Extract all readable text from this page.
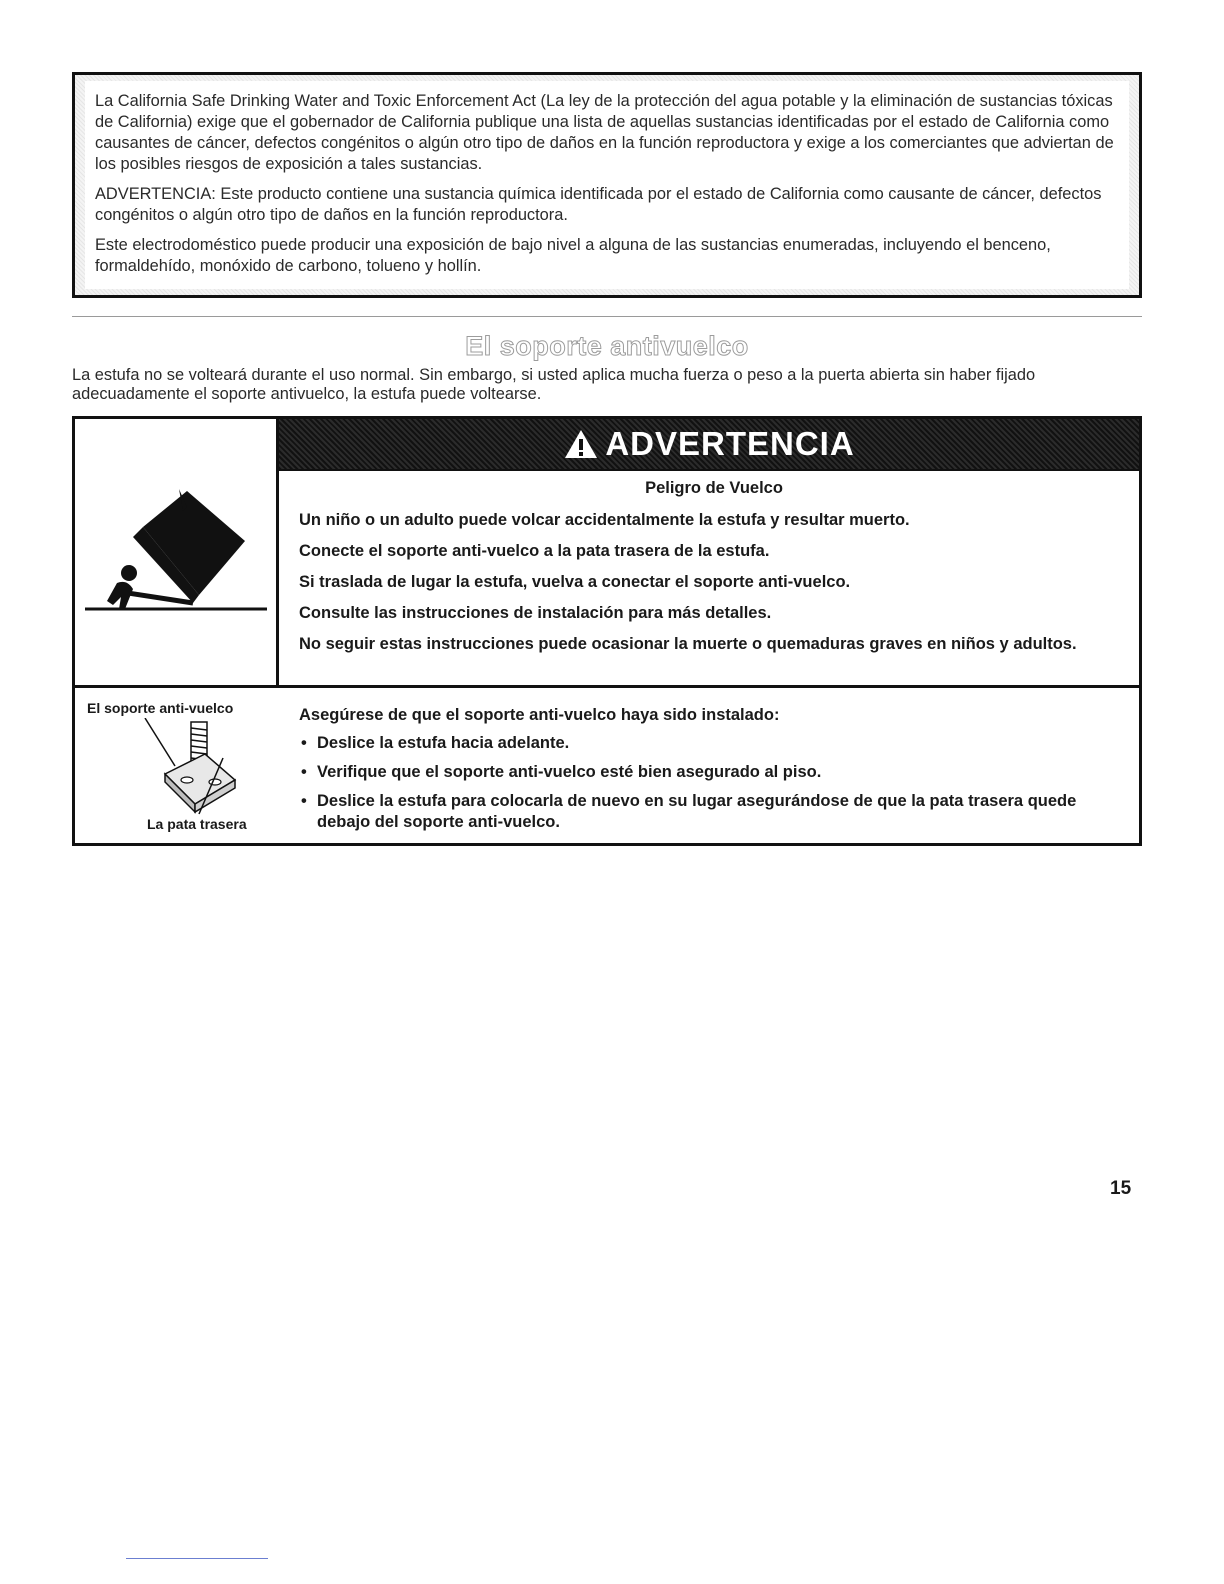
La California Safe Drinking Water and Toxic Enforcement Act (La ley de la protección del agua potable y la eliminación de sustancias tóxicas de California) exige que el gobernador de California publique una lista de aquellas sustancias identificadas por el estado de California como causantes de cáncer, defectos congénitos o algún otro tipo de daños en la función reproductora y exige a los comerciantes que adviertan de los posibles riesgos de exposición a tales sustancias.

ADVERTENCIA: Este producto contiene una sustancia química identificada por el estado de California como causante de cáncer, defectos congénitos o algún otro tipo de daños en la función reproductora.

Este electrodoméstico puede producir una exposición de bajo nivel a alguna de las sustancias enumeradas, incluyendo el benceno, formaldehído, monóxido de carbono, tolueno y hollín.

El soporte antivuelco

La estufa no se volteará durante el uso normal. Sin embargo, si usted aplica mucha fuerza o peso a la puerta abierta sin haber fijado adecuadamente el soporte antivuelco, la estufa puede voltearse.

ADVERTENCIA

Peligro de Vuelco

Un niño o un adulto puede volcar accidentalmente la estufa y resultar muerto.

Conecte el soporte anti-vuelco a la pata trasera de la estufa.

Si traslada de lugar la estufa, vuelva a conectar el soporte anti-vuelco.

Consulte las instrucciones de instalación para más detalles.

No seguir estas instrucciones puede ocasionar la muerte o quemaduras graves en niños y adultos.

El soporte anti-vuelco
La pata trasera

Asegúrese de que el soporte anti-vuelco haya sido instalado:

• Deslice la estufa hacia adelante.
• Verifique que el soporte anti-vuelco esté bien asegurado al piso.
• Deslice la estufa para colocarla de nuevo en su lugar asegurándose de que la pata trasera quede debajo del soporte anti-vuelco.
15
